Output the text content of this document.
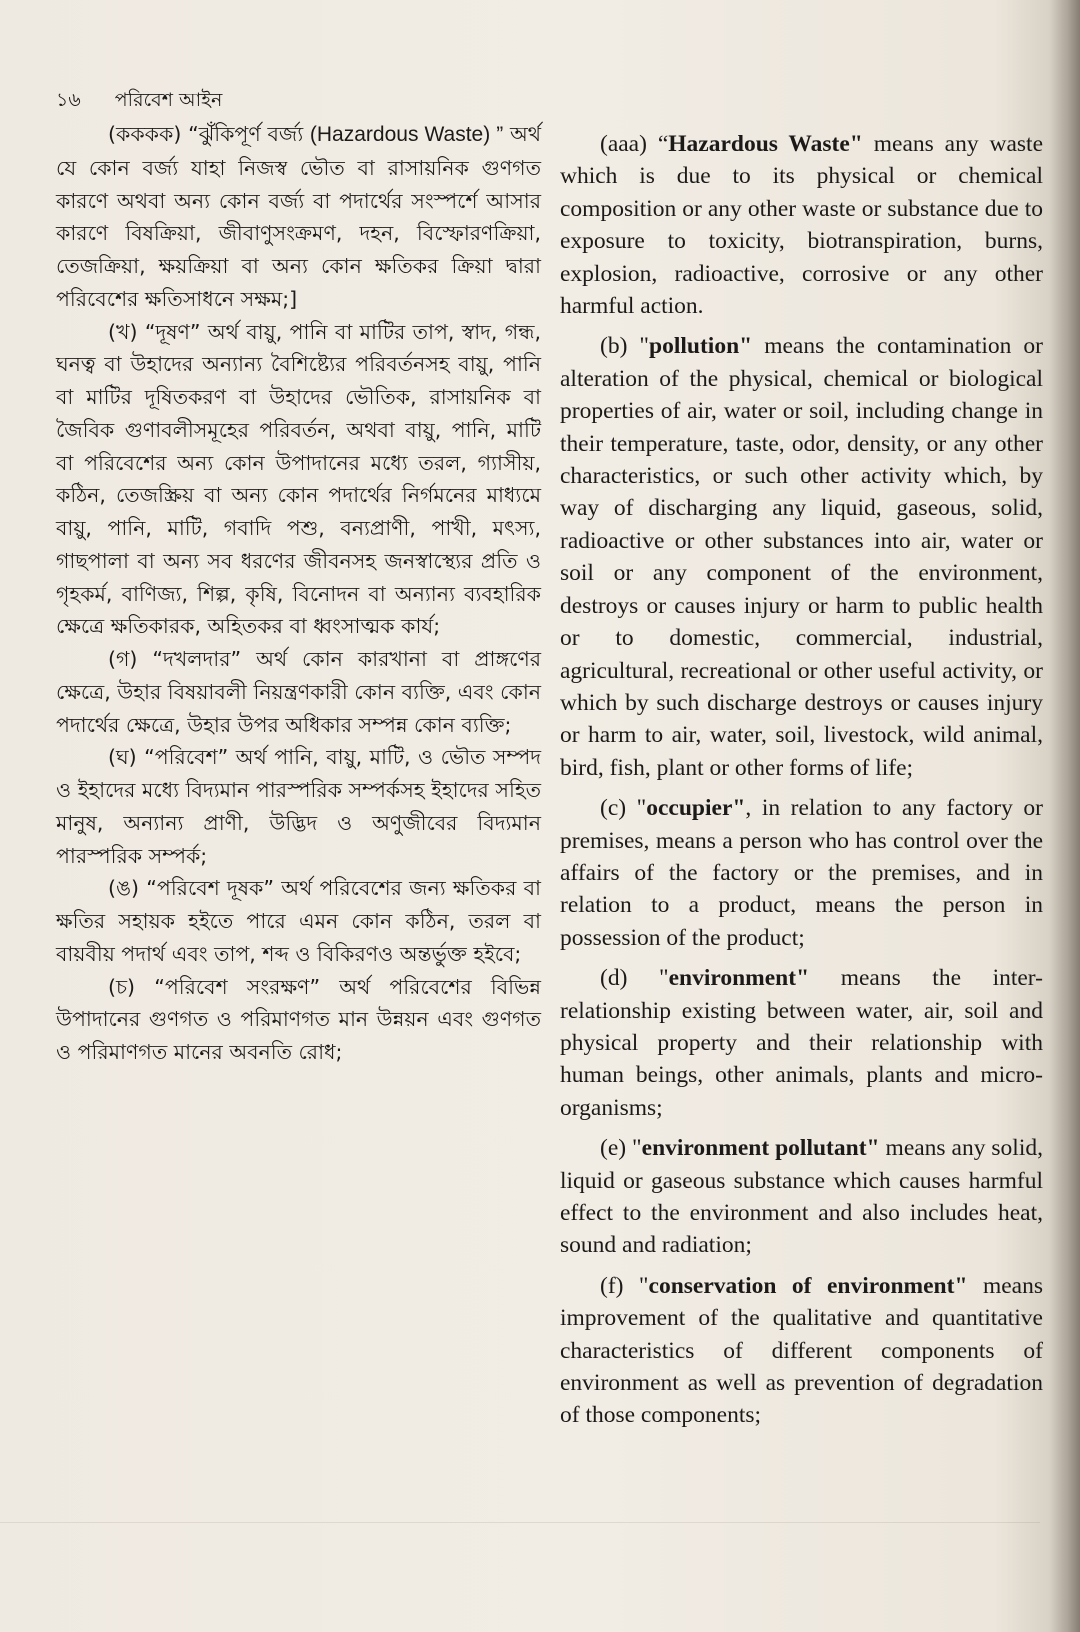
১৬ পরিবেশ আইন

(কককক) “ঝুঁকিপূর্ণ বর্জ্য (Hazardous Waste) ” অর্থ যে কোন বর্জ্য যাহা নিজস্ব ভৌত বা রাসায়নিক গুণগত কারণে অথবা অন্য কোন বর্জ্য বা পদার্থের সংস্পর্শে আসার কারণে বিষক্রিয়া, জীবাণুসংক্রমণ, দহন, বিস্ফোরণক্রিয়া, তেজক্রিয়া, ক্ষয়ক্রিয়া বা অন্য কোন ক্ষতিকর ক্রিয়া দ্বারা পরিবেশের ক্ষতিসাধনে সক্ষম;]

(খ) “দূষণ” অর্থ বায়ু, পানি বা মাটির তাপ, স্বাদ, গন্ধ, ঘনত্ব বা উহাদের অন্যান্য বৈশিষ্ট্যের পরিবর্তনসহ বায়ু, পানি বা মাটির দূষিতকরণ বা উহাদের ভৌতিক, রাসায়নিক বা জৈবিক গুণাবলীসমূহের পরিবর্তন, অথবা বায়ু, পানি, মাটি বা পরিবেশের অন্য কোন উপাদানের মধ্যে তরল, গ্যাসীয়, কঠিন, তেজস্ক্রিয় বা অন্য কোন পদার্থের নির্গমনের মাধ্যমে বায়ু, পানি, মাটি, গবাদি পশু, বন্যপ্রাণী, পাখী, মৎস্য, গাছপালা বা অন্য সব ধরণের জীবনসহ জনস্বাস্থ্যের প্রতি ও গৃহকর্ম, বাণিজ্য, শিল্প, কৃষি, বিনোদন বা অন্যান্য ব্যবহারিক ক্ষেত্রে ক্ষতিকারক, অহিতকর বা ধ্বংসাত্মক কার্য;

(গ) “দখলদার” অর্থ কোন কারখানা বা প্রাঙ্গণের ক্ষেত্রে, উহার বিষয়াবলী নিয়ন্ত্রণকারী কোন ব্যক্তি, এবং কোন পদার্থের ক্ষেত্রে, উহার উপর অধিকার সম্পন্ন কোন ব্যক্তি;

(ঘ) “পরিবেশ” অর্থ পানি, বায়ু, মাটি, ও ভৌত সম্পদ ও ইহাদের মধ্যে বিদ্যমান পারস্পরিক সম্পর্কসহ ইহাদের সহিত মানুষ, অন্যান্য প্রাণী, উদ্ভিদ ও অণুজীবের বিদ্যমান পারস্পরিক সম্পর্ক;

(ঙ) “পরিবেশ দূষক” অর্থ পরিবেশের জন্য ক্ষতিকর বা ক্ষতির সহায়ক হইতে পারে এমন কোন কঠিন, তরল বা বায়বীয় পদার্থ এবং তাপ, শব্দ ও বিকিরণও অন্তর্ভুক্ত হইবে;

(চ) “পরিবেশ সংরক্ষণ” অর্থ পরিবেশের বিভিন্ন উপাদানের গুণগত ও পরিমাণগত মান উন্নয়ন এবং গুণগত ও পরিমাণগত মানের অবনতি রোধ;

(aaa) “Hazardous Waste" means any waste which is due to its physical or chemical composition or any other waste or substance due to exposure to toxicity, biotranspiration, burns, explosion, radioactive, corrosive or any other harmful action.

(b) "pollution" means the contamination or alteration of the physical, chemical or biological properties of air, water or soil, including change in their temperature, taste, odor, density, or any other characteristics, or such other activity which, by way of discharging any liquid, gaseous, solid, radioactive or other substances into air, water or soil or any component of the environment, destroys or causes injury or harm to public health or to domestic, commercial, industrial, agricultural, recreational or other useful activity, or which by such discharge destroys or causes injury or harm to air, water, soil, livestock, wild animal, bird, fish, plant or other forms of life;

(c) "occupier", in relation to any factory or premises, means a person who has control over the affairs of the factory or the premises, and in relation to a product, means the person in possession of the product;

(d) "environment" means the inter-relationship existing between water, air, soil and physical property and their relationship with human beings, other animals, plants and micro-organisms;

(e) "environment pollutant" means any solid, liquid or gaseous substance which causes harmful effect to the environment and also includes heat, sound and radiation;

(f) "conservation of environment" means improvement of the qualitative and quantitative characteristics of different components of environment as well as prevention of degradation of those components;
